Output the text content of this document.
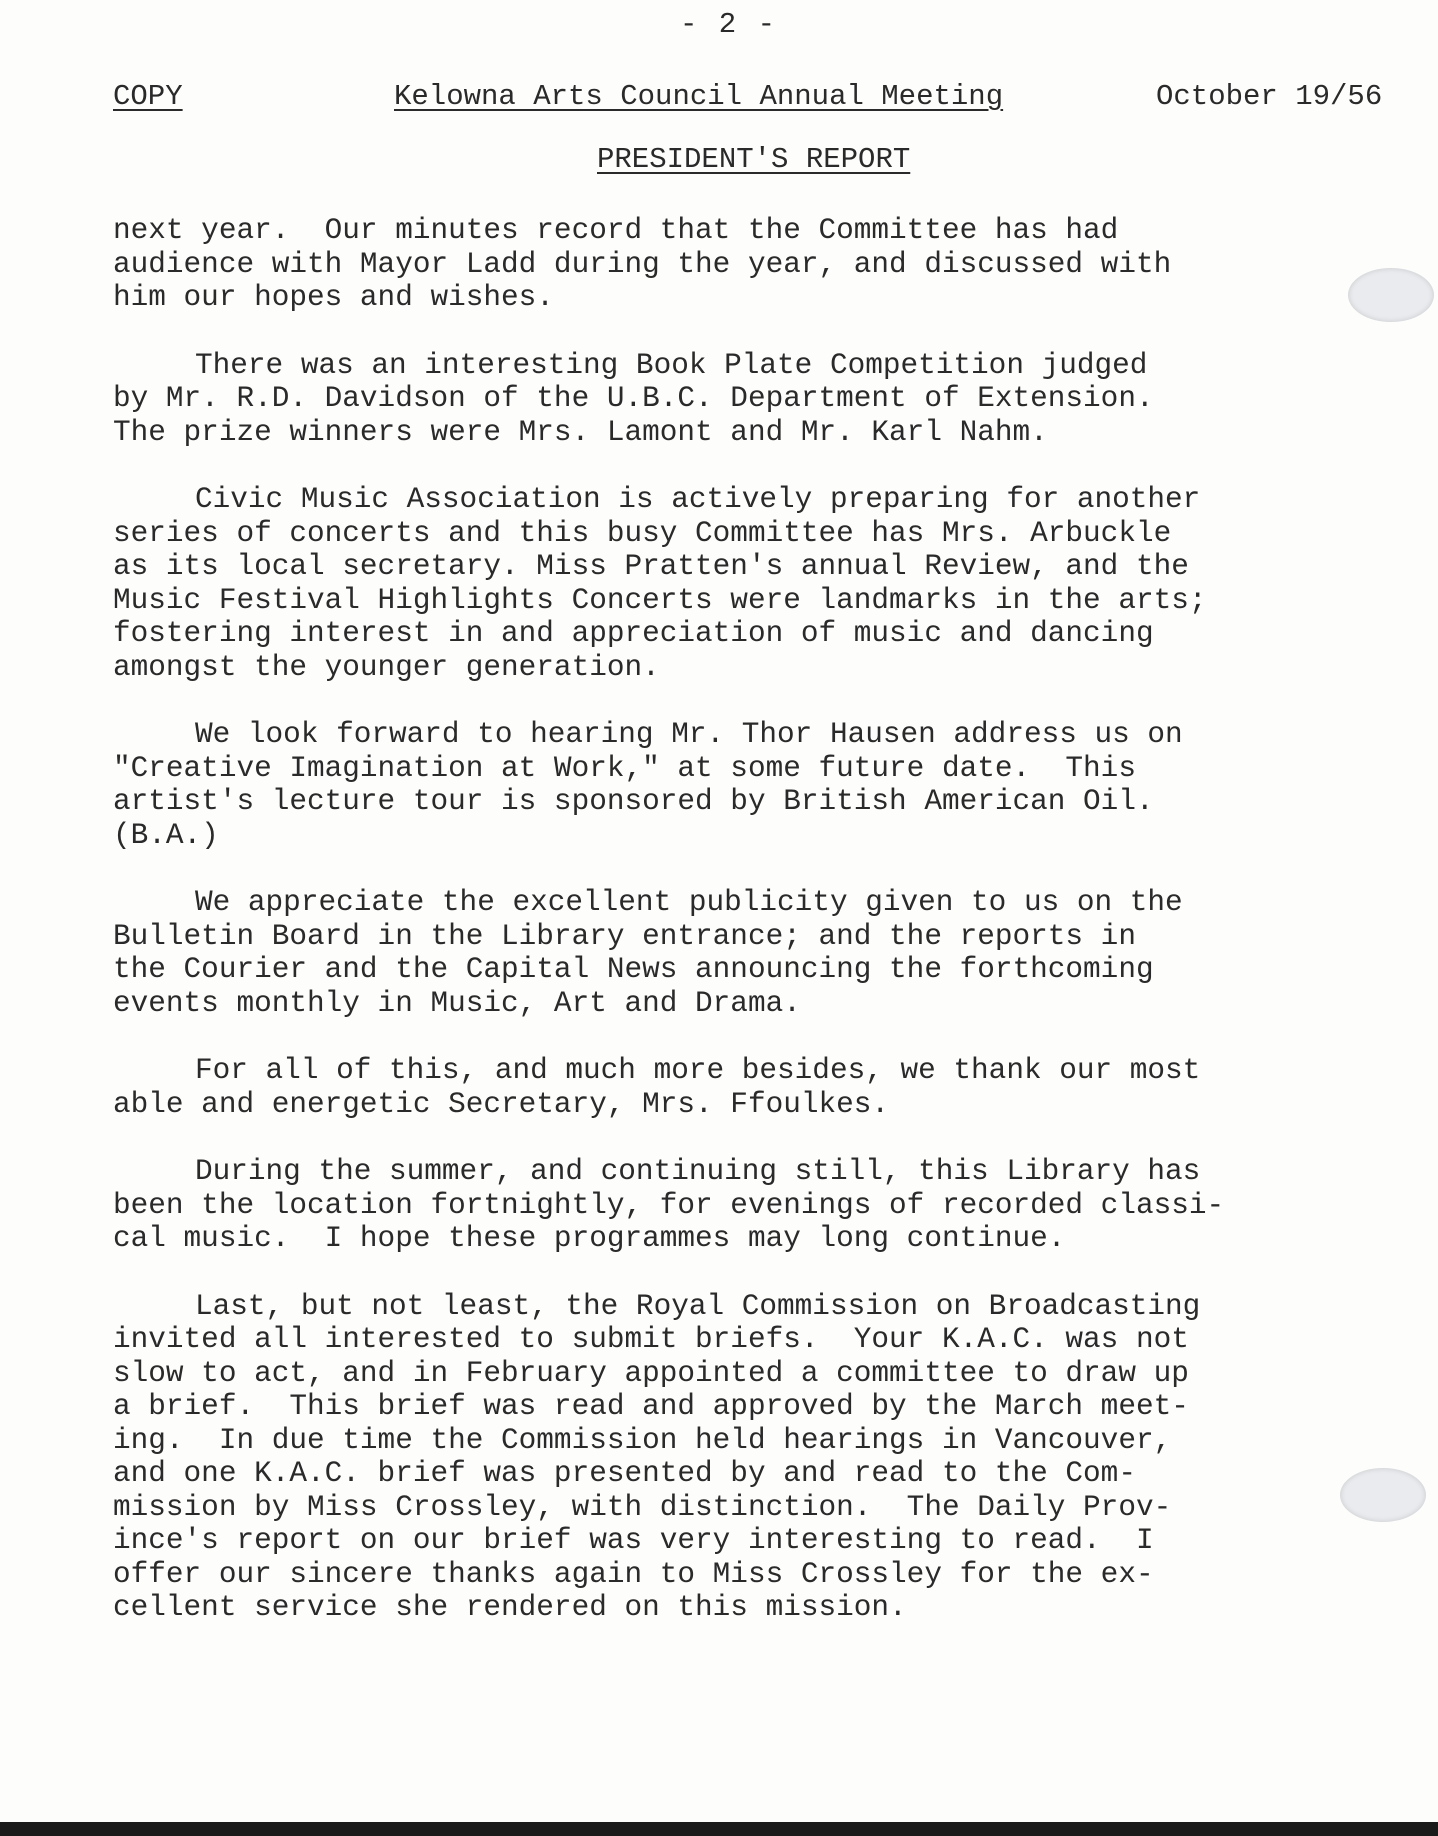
- 2 -
COPY	Kelowna Arts Council Annual Meeting	October 19/56
PRESIDENT'S REPORT
next year.  Our minutes record that the Committee has had
audience with Mayor Ladd during the year, and discussed with
him our hopes and wishes.
There was an interesting Book Plate Competition judged
by Mr. R.D. Davidson of the U.B.C. Department of Extension.
The prize winners were Mrs. Lamont and Mr. Karl Nahm.
Civic Music Association is actively preparing for another
series of concerts and this busy Committee has Mrs. Arbuckle
as its local secretary. Miss Pratten's annual Review, and the
Music Festival Highlights Concerts were landmarks in the arts;
fostering interest in and appreciation of music and dancing
amongst the younger generation.
We look forward to hearing Mr. Thor Hausen address us on
"Creative Imagination at Work," at some future date.  This
artist's lecture tour is sponsored by British American Oil.
(B.A.)
We appreciate the excellent publicity given to us on the
Bulletin Board in the Library entrance; and the reports in
the Courier and the Capital News announcing the forthcoming
events monthly in Music, Art and Drama.
For all of this, and much more besides, we thank our most
able and energetic Secretary, Mrs. Ffoulkes.
During the summer, and continuing still, this Library has
been the location fortnightly, for evenings of recorded classi-
cal music.  I hope these programmes may long continue.
Last, but not least, the Royal Commission on Broadcasting
invited all interested to submit briefs.  Your K.A.C. was not
slow to act, and in February appointed a committee to draw up
a brief.  This brief was read and approved by the March meet-
ing.  In due time the Commission held hearings in Vancouver,
and one K.A.C. brief was presented by and read to the Com-
mission by Miss Crossley, with distinction.  The Daily Prov-
ince's report on our brief was very interesting to read.  I
offer our sincere thanks again to Miss Crossley for the ex-
cellent service she rendered on this mission.
